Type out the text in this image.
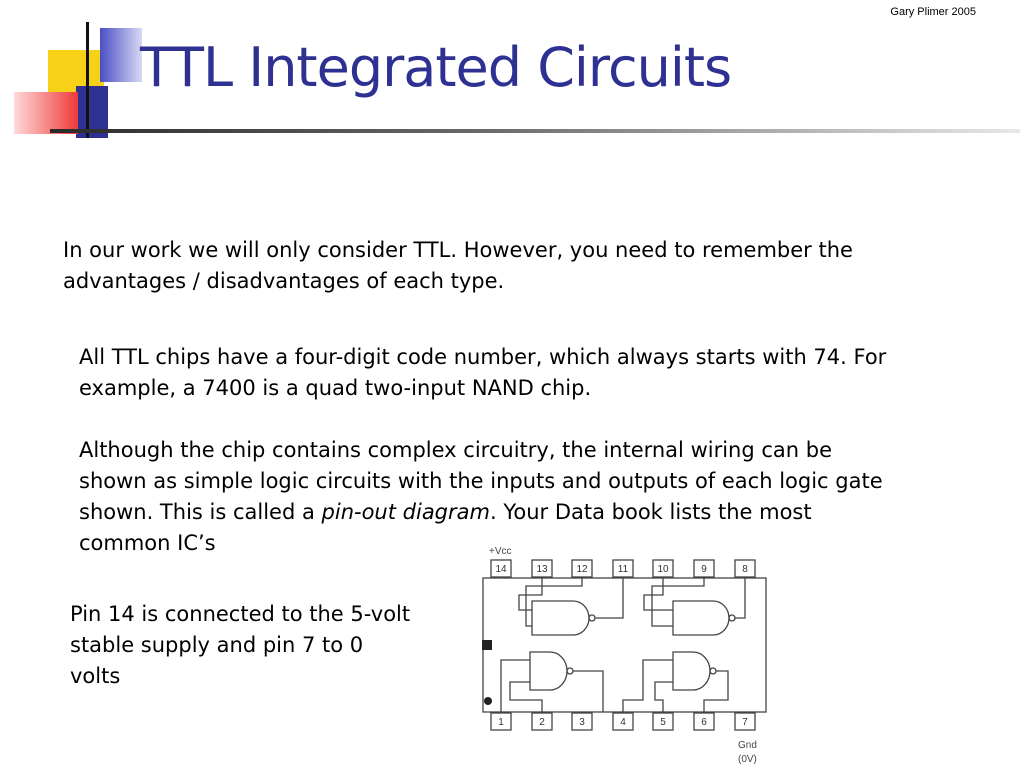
Gary Plimer 2005
TTL Integrated Circuits

In our work we will only consider TTL. However, you need to remember the advantages / disadvantages of each type.

All TTL chips have a four-digit code number, which always starts with 74. For example, a 7400 is a quad two-input NAND chip.

Although the chip contains complex circuitry, the internal wiring can be shown as simple logic circuits with the inputs and outputs of each logic gate shown. This is called a pin-out diagram. Your Data book lists the most common IC’s

Pin 14 is connected to the 5-volt stable supply and pin 7 to 0 volts

+Vcc
14	13	12	11	10	9	8
1	2	3	4	5	6	7
Gnd
(0V)
